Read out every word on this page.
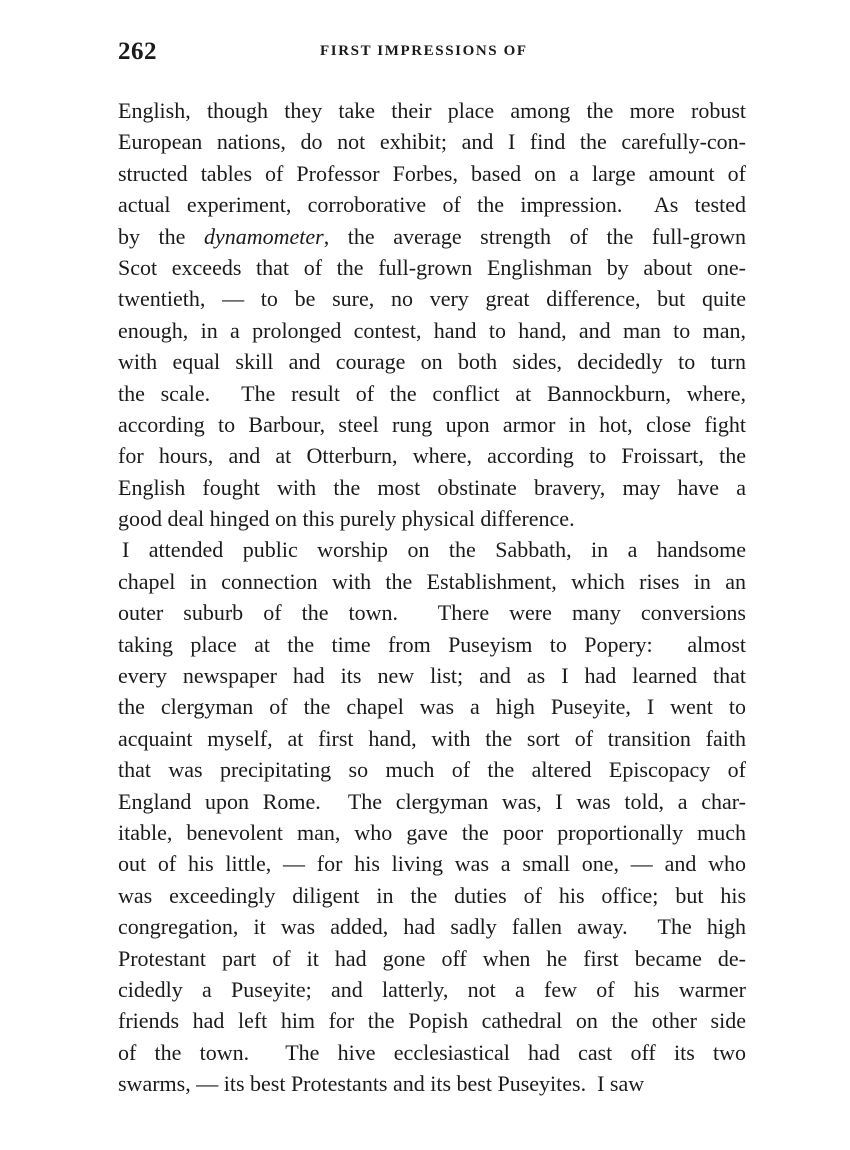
262	FIRST IMPRESSIONS OF
English, though they take their place among the more robust
European nations, do not exhibit; and I find the carefully-con-
structed tables of Professor Forbes, based on a large amount of
actual experiment, corroborative of the impression.  As tested
by the dynamometer, the average strength of the full-grown
Scot exceeds that of the full-grown Englishman by about one-
twentieth, — to be sure, no very great difference, but quite
enough, in a prolonged contest, hand to hand, and man to man,
with equal skill and courage on both sides, decidedly to turn
the scale.  The result of the conflict at Bannockburn, where,
according to Barbour, steel rung upon armor in hot, close fight
for hours, and at Otterburn, where, according to Froissart, the
English fought with the most obstinate bravery, may have a
good deal hinged on this purely physical difference.
I attended public worship on the Sabbath, in a handsome
chapel in connection with the Establishment, which rises in an
outer suburb of the town.  There were many conversions
taking place at the time from Puseyism to Popery:  almost
every newspaper had its new list; and as I had learned that
the clergyman of the chapel was a high Puseyite, I went to
acquaint myself, at first hand, with the sort of transition faith
that was precipitating so much of the altered Episcopacy of
England upon Rome.  The clergyman was, I was told, a char-
itable, benevolent man, who gave the poor proportionally much
out of his little, — for his living was a small one, — and who
was exceedingly diligent in the duties of his office; but his
congregation, it was added, had sadly fallen away.  The high
Protestant part of it had gone off when he first became de-
cidedly a Puseyite; and latterly, not a few of his warmer
friends had left him for the Popish cathedral on the other side
of the town.  The hive ecclesiastical had cast off its two
swarms, — its best Protestants and its best Puseyites.  I saw
